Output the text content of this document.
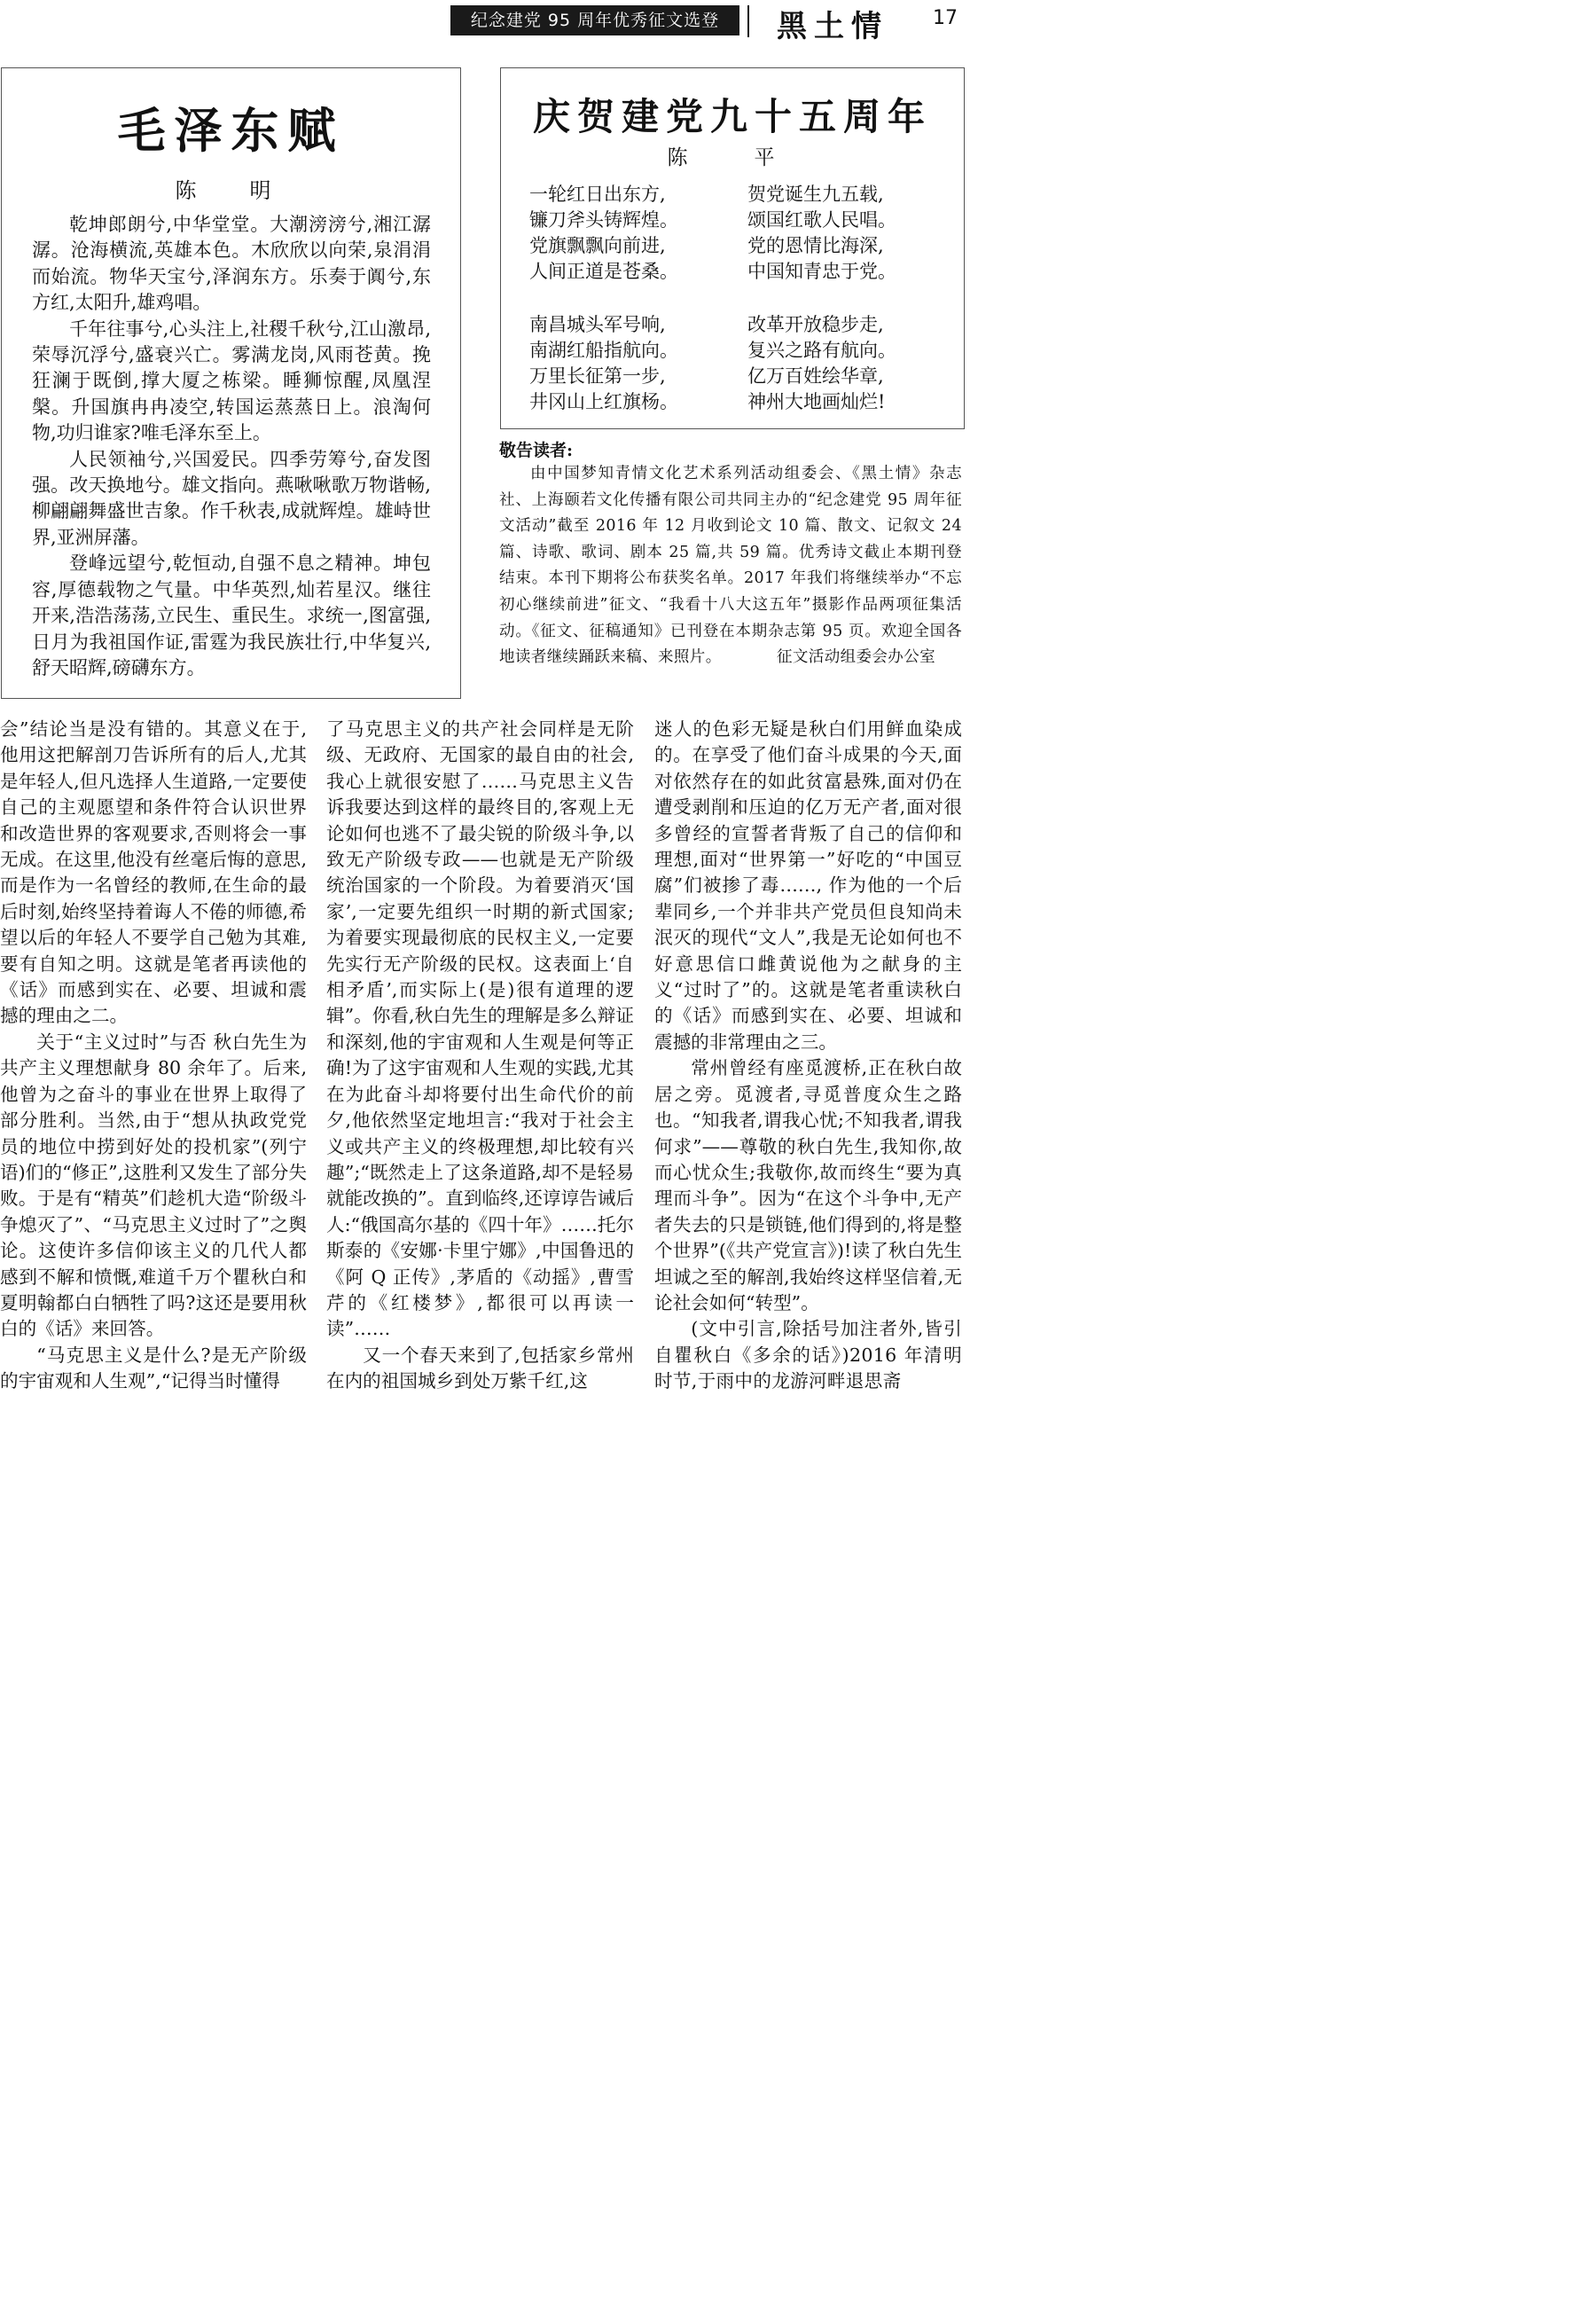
纪念建党 95 周年优秀征文选登	黑土情 17
毛泽东赋
陈　明

乾坤郎朗兮,中华堂堂。大潮滂滂兮,湘江潺潺。沧海横流,英雄本色。木欣欣以向荣,泉涓涓而始流。物华天宝兮,泽润东方。乐奏于阗兮,东方红,太阳升,雄鸡唱。

千年往事兮,心头注上,社稷千秋兮,江山激昂,荣辱沉浮兮,盛衰兴亡。雾满龙岗,风雨苍黄。挽狂澜于既倒,撑大厦之栋梁。睡狮惊醒,凤凰涅槃。升国旗冉冉凌空,转国运蒸蒸日上。浪淘何物,功归谁家?唯毛泽东至上。

人民领袖兮,兴国爱民。四季劳筹兮,奋发图强。改天换地兮。雄文指向。燕啾啾歌万物谐畅,柳翩翩舞盛世吉象。作千秋表,成就辉煌。雄峙世界,亚洲屏藩。

登峰远望兮,乾恒动,自强不息之精神。坤包容,厚德载物之气量。中华英烈,灿若星汉。继往开来,浩浩荡荡,立民生、重民生。求统一,图富强,日月为我祖国作证,雷霆为我民族壮行,中华复兴,舒天昭辉,磅礴东方。

庆贺建党九十五周年
陈　平
一轮红日出东方,
镰刀斧头铸辉煌。
党旗飘飘向前进,
人间正道是苍桑。
贺党诞生九五载,
颂国红歌人民唱。
党的恩情比海深,
中国知青忠于党。
南昌城头军号响,
南湖红船指航向。
万里长征第一步,
井冈山上红旗杨。
改革开放稳步走,
复兴之路有航向。
亿万百姓绘华章,
神州大地画灿烂!
敬告读者:

由中国梦知青情文化艺术系列活动组委会、《黑土情》杂志社、上海颐若文化传播有限公司共同主办的“纪念建党 95 周年征文活动”截至 2016 年 12 月收到论文 10 篇、散文、记叙文 24 篇、诗歌、歌词、剧本 25 篇,共 59 篇。优秀诗文截止本期刊登结束。本刊下期将公布获奖名单。2017 年我们将继续举办“不忘初心继续前进”征文、“我看十八大这五年”摄影作品两项征集活动。《征文、征稿通知》已刊登在本期杂志第 95 页。欢迎全国各地读者继续踊跃来稿、来照片。	征文活动组委会办公室

会”结论当是没有错的。其意义在于,他用这把解剖刀告诉所有的后人,尤其是年轻人,但凡选择人生道路,一定要使自己的主观愿望和条件符合认识世界和改造世界的客观要求,否则将会一事无成。在这里,他没有丝毫后悔的意思,而是作为一名曾经的教师,在生命的最后时刻,始终坚持着诲人不倦的师德,希望以后的年轻人不要学自己勉为其难,要有自知之明。这就是笔者再读他的《话》而感到实在、必要、坦诚和震撼的理由之二。

关于“主义过时”与否 秋白先生为共产主义理想献身 80 余年了。后来,他曾为之奋斗的事业在世界上取得了部分胜利。当然,由于“想从执政党党员的地位中捞到好处的投机家”(列宁语)们的“修正”,这胜利又发生了部分失败。于是有“精英”们趁机大造“阶级斗争熄灭了”、“马克思主义过时了”之舆论。这使许多信仰该主义的几代人都感到不解和愤慨,难道千万个瞿秋白和夏明翰都白白牺牲了吗?这还是要用秋白的《话》来回答。

“马克思主义是什么?是无产阶级的宇宙观和人生观”,“记得当时懂得

了马克思主义的共产社会同样是无阶级、无政府、无国家的最自由的社会,我心上就很安慰了……马克思主义告诉我要达到这样的最终目的,客观上无论如何也逃不了最尖锐的阶级斗争,以致无产阶级专政——也就是无产阶级统治国家的一个阶段。为着要消灭‘国家’,一定要先组织一时期的新式国家;为着要实现最彻底的民权主义,一定要先实行无产阶级的民权。这表面上‘自相矛盾’,而实际上(是)很有道理的逻辑”。你看,秋白先生的理解是多么辩证和深刻,他的宇宙观和人生观是何等正确!为了这宇宙观和人生观的实践,尤其在为此奋斗却将要付出生命代价的前夕,他依然坚定地坦言:“我对于社会主义或共产主义的终极理想,却比较有兴趣”;“既然走上了这条道路,却不是轻易就能改换的”。直到临终,还谆谆告诫后人:“俄国高尔基的《四十年》……托尔斯泰的《安娜·卡里宁娜》,中国鲁迅的《阿 Q 正传》,茅盾的《动摇》,曹雪芹的《红楼梦》,都很可以再读一读”……

又一个春天来到了,包括家乡常州在内的祖国城乡到处万紫千红,这

迷人的色彩无疑是秋白们用鲜血染成的。在享受了他们奋斗成果的今天,面对依然存在的如此贫富悬殊,面对仍在遭受剥削和压迫的亿万无产者,面对很多曾经的宣誓者背叛了自己的信仰和理想,面对“世界第一”好吃的“中国豆腐”们被掺了毒……, 作为他的一个后辈同乡,一个并非共产党员但良知尚未泯灭的现代“文人”,我是无论如何也不好意思信口雌黄说他为之献身的主义“过时了”的。这就是笔者重读秋白的《话》而感到实在、必要、坦诚和震撼的非常理由之三。

常州曾经有座觅渡桥,正在秋白故居之旁。觅渡者,寻觅普度众生之路也。“知我者,谓我心忧;不知我者,谓我何求”——尊敬的秋白先生,我知你,故而心忧众生;我敬你,故而终生“要为真理而斗争”。因为“在这个斗争中,无产者失去的只是锁链,他们得到的,将是整个世界”(《共产党宣言》)!读了秋白先生坦诚之至的解剖,我始终这样坚信着,无论社会如何“转型”。

(文中引言,除括号加注者外,皆引自瞿秋白《多余的话》)2016 年清明时节,于雨中的龙游河畔退思斋
